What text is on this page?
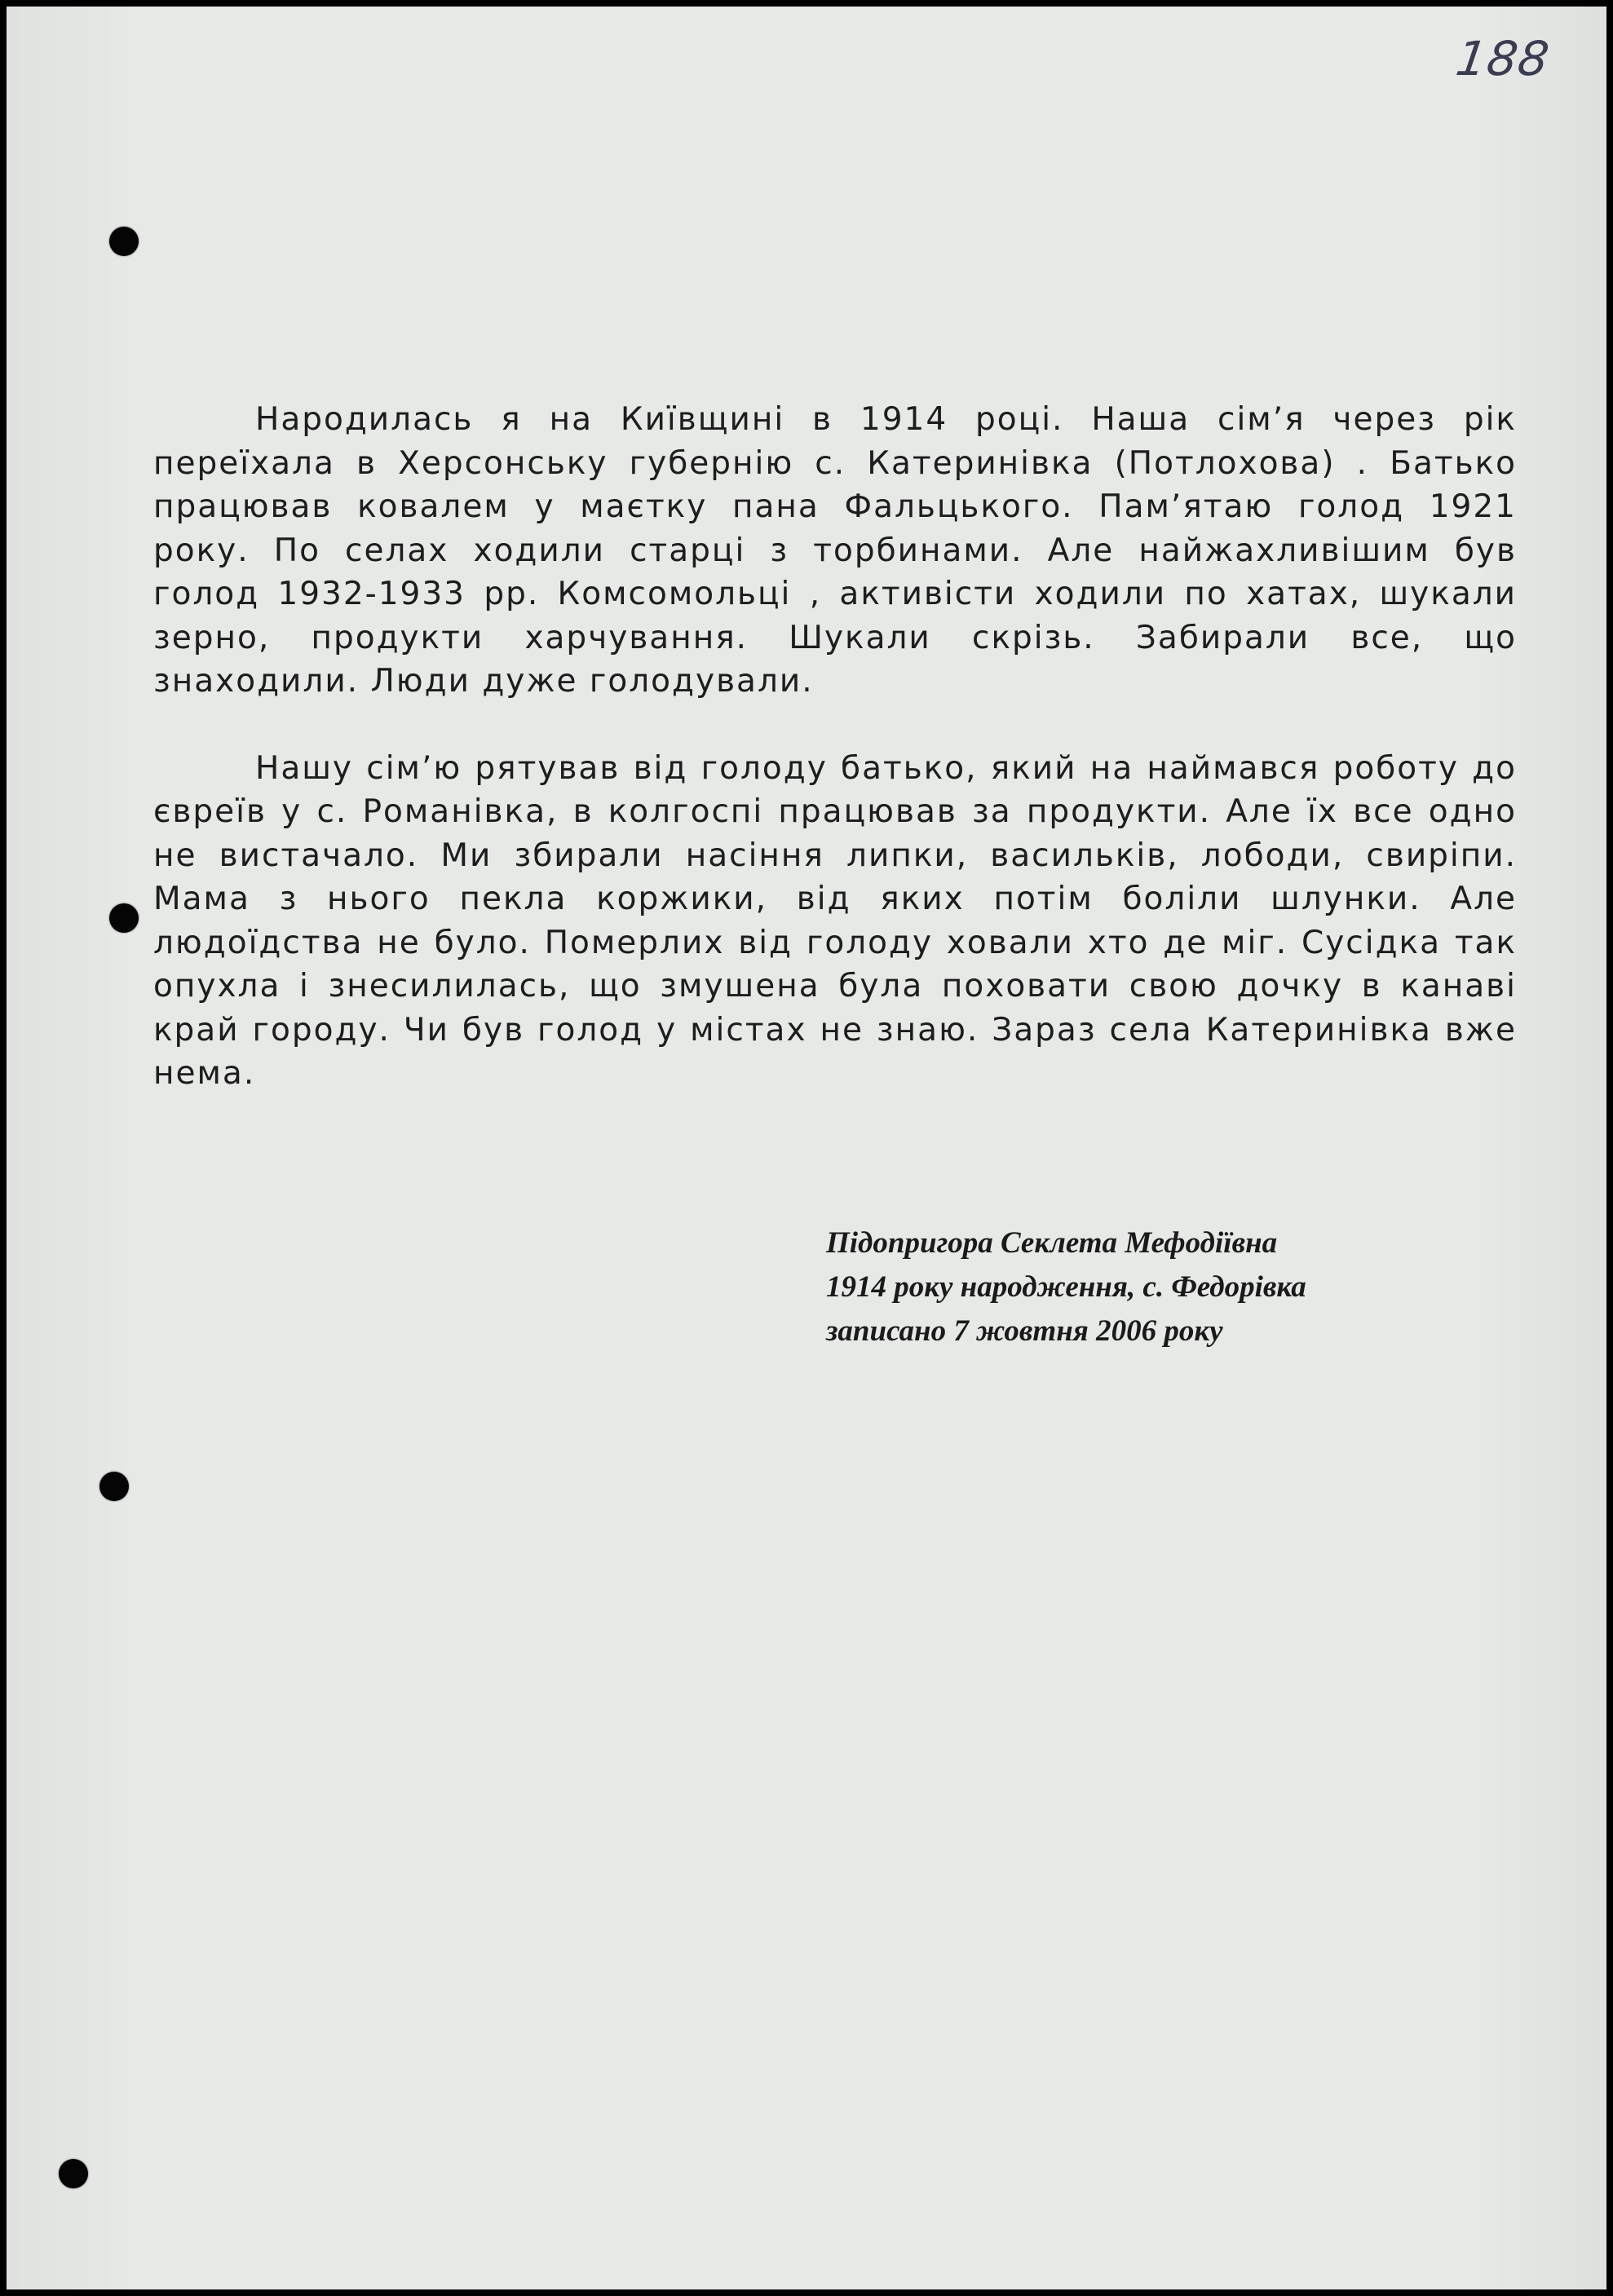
188

Народилась я на Київщині в 1914 році. Наша сім’я через рік переїхала в Херсонську губернію с. Катеринівка (Потлохова) . Батько працював ковалем у маєтку пана Фальцького. Пам’ятаю голод 1921 року. По селах ходили старці з торбинами. Але найжахливішим був голод 1932-1933 рр. Комсомольці , активісти ходили по хатах, шукали зерно, продукти харчування. Шукали скрізь. Забирали все, що знаходили. Люди дуже голодували.

Нашу сім’ю рятував від голоду батько, який на наймався роботу до євреїв у с. Романівка, в колгоспі працював за продукти. Але їх все одно не вистачало. Ми збирали насіння липки, васильків, лободи, свиріпи. Мама з нього пекла коржики, від яких потім боліли шлунки. Але людоїдства не було. Померлих від голоду ховали хто де міг. Сусідка так опухла і знесилилась, що змушена була поховати свою дочку в канаві край городу. Чи був голод у містах не знаю. Зараз села Катеринівка вже нема.

Підопригора Секлета Мефодіївна
1914 року народження, с. Федорівка
записано 7 жовтня 2006 року
